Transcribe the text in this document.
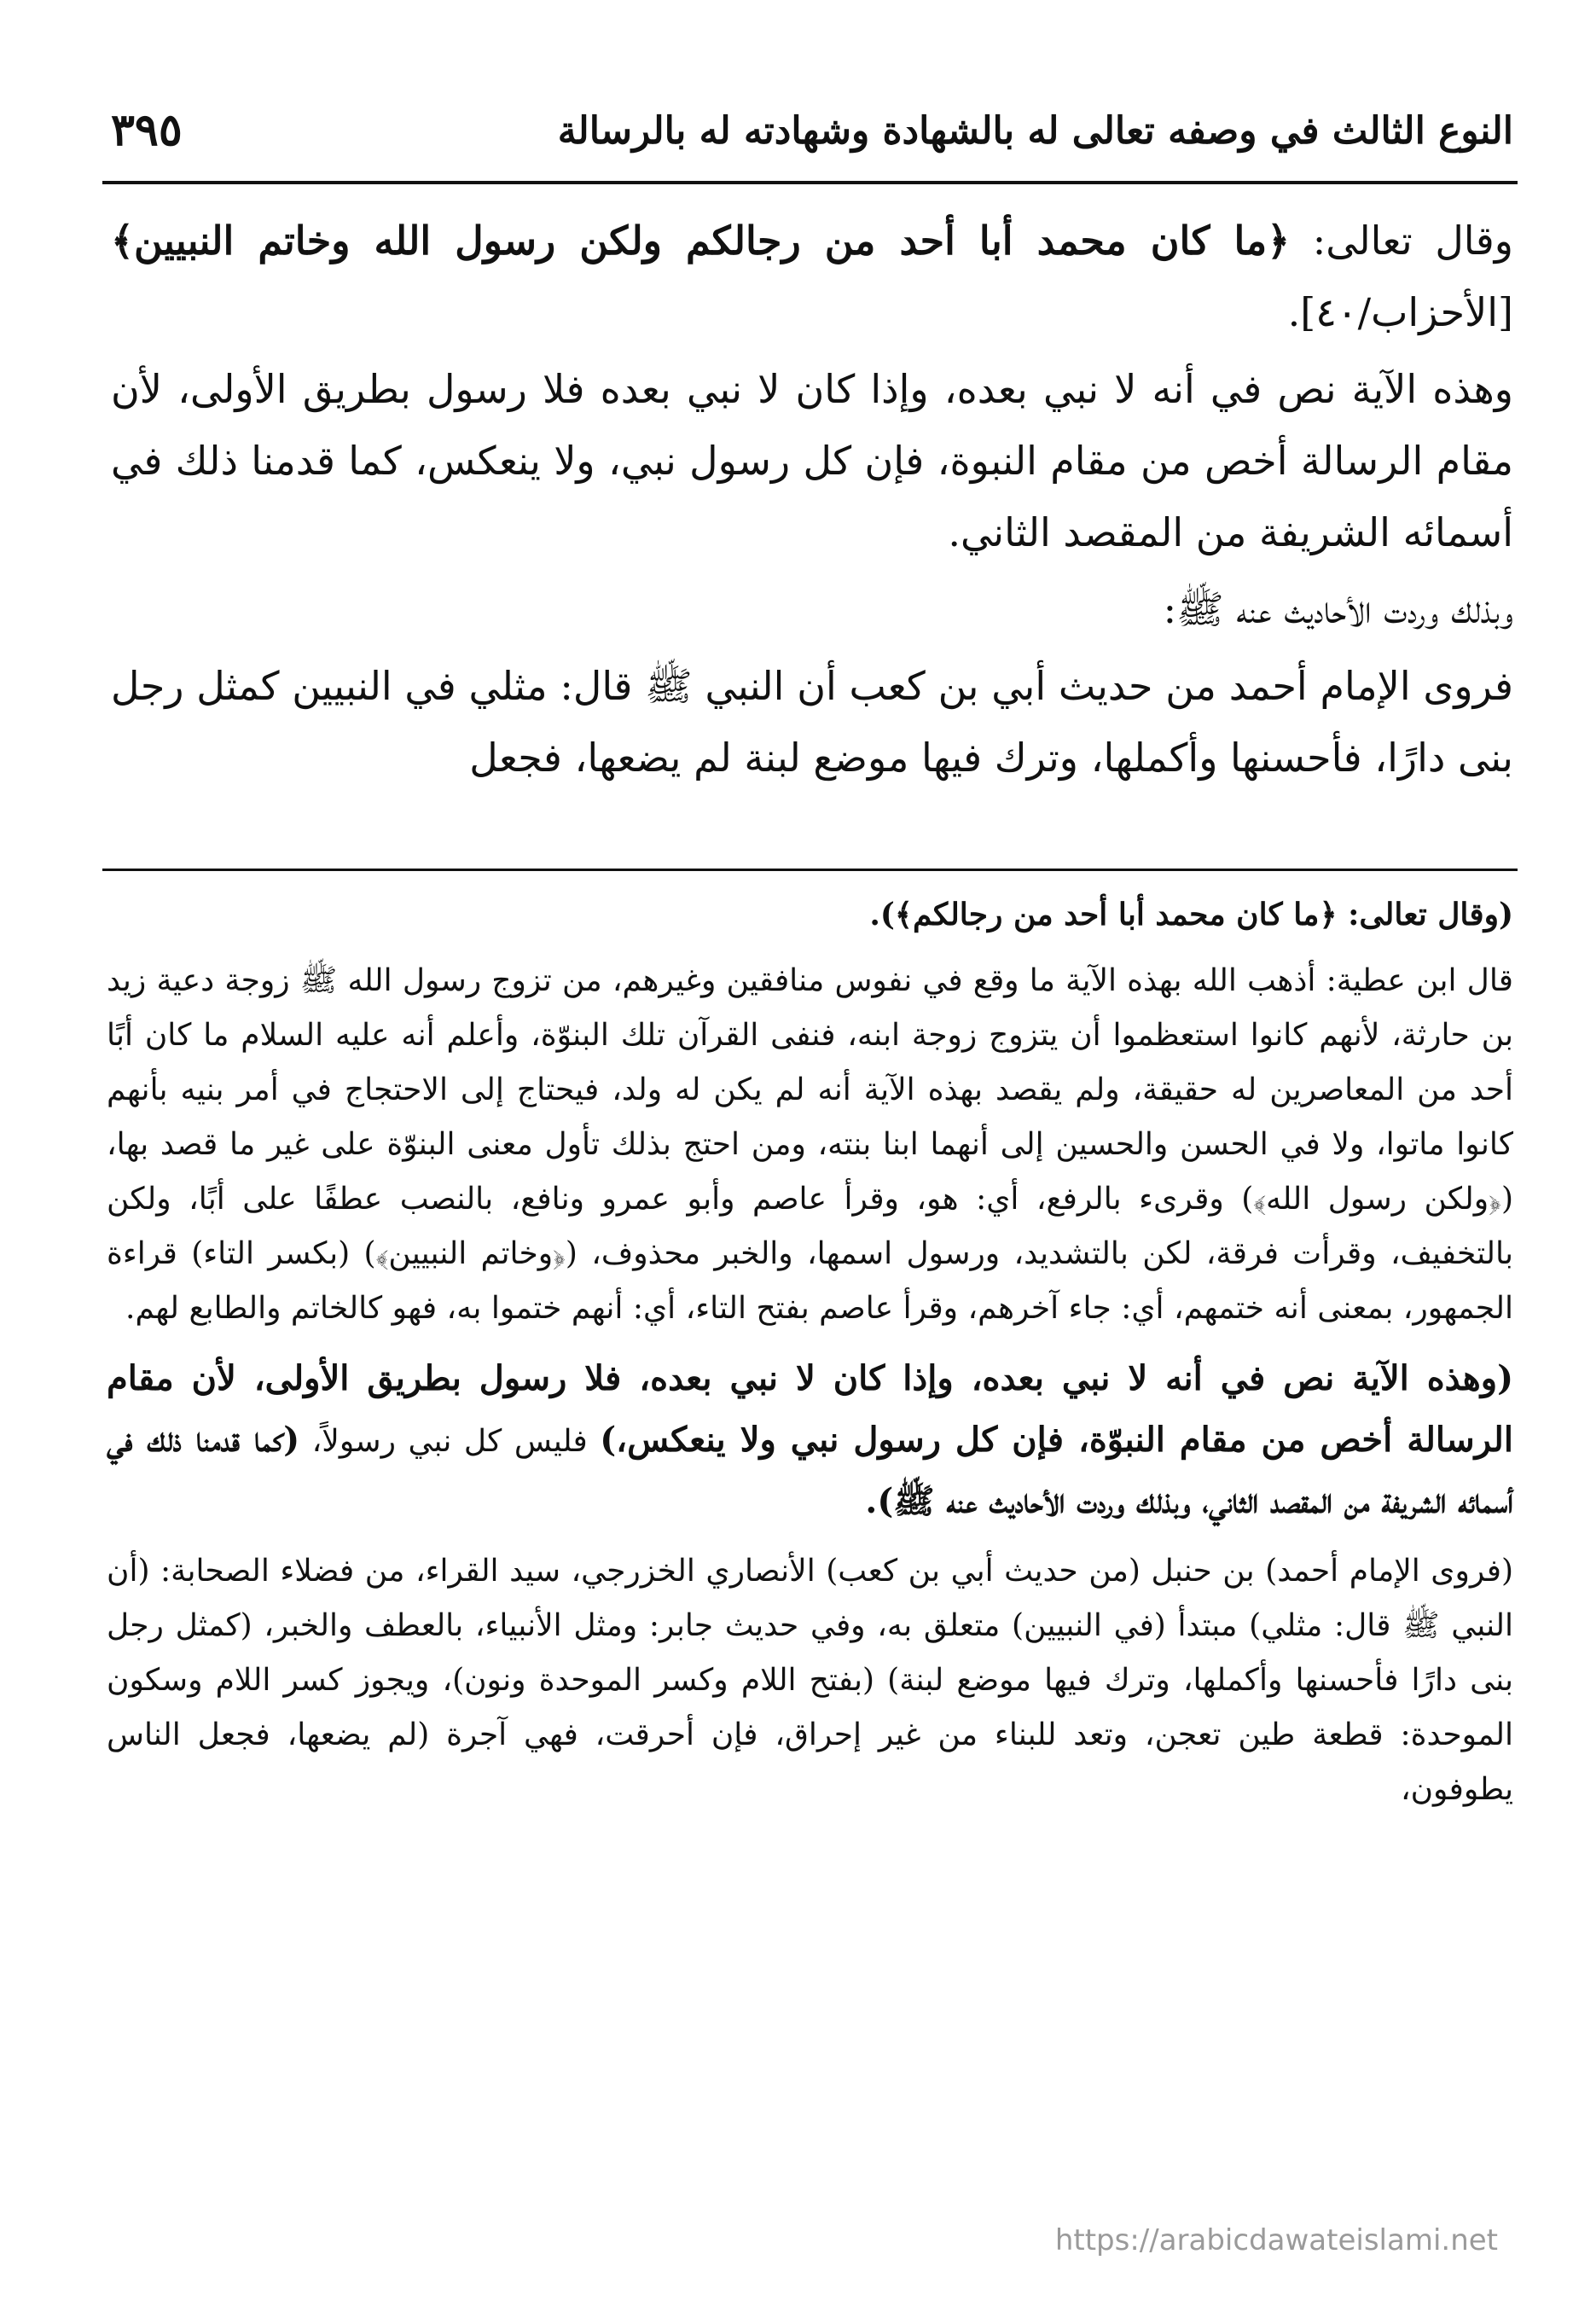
النوع الثالث في وصفه تعالى له بالشهادة وشهادته له بالرسالة
٣٩٥

وقال تعالى: ﴿ما كان محمد أبا أحد من رجالكم ولكن رسول الله وخاتم النبيين﴾ [الأحزاب/٤٠].

وهذه الآية نص في أنه لا نبي بعده، وإذا كان لا نبي بعده فلا رسول بطريق الأولى، لأن مقام الرسالة أخص من مقام النبوة، فإن كل رسول نبي، ولا ينعكس، كما قدمنا ذلك في أسمائه الشريفة من المقصد الثاني.

وبذلك وردت الأحاديث عنه ﷺ:

فروى الإمام أحمد من حديث أبي بن كعب أن النبي ﷺ قال: مثلي في النبيين كمثل رجل بنى دارًا، فأحسنها وأكملها، وترك فيها موضع لبنة لم يضعها، فجعل

(وقال تعالى: ﴿ما كان محمد أبا أحد من رجالكم﴾).

قال ابن عطية: أذهب الله بهذه الآية ما وقع في نفوس منافقين وغيرهم، من تزوج رسول الله ﷺ زوجة دعية زيد بن حارثة، لأنهم كانوا استعظموا أن يتزوج زوجة ابنه، فنفى القرآن تلك البنوّة، وأعلم أنه عليه السلام ما كان أبًا أحد من المعاصرين له حقيقة، ولم يقصد بهذه الآية أنه لم يكن له ولد، فيحتاج إلى الاحتجاج في أمر بنيه بأنهم كانوا ماتوا، ولا في الحسن والحسين إلى أنهما ابنا بنته، ومن احتج بذلك تأول معنى البنوّة على غير ما قصد بها، (﴿ولكن رسول الله﴾) وقرىء بالرفع، أي: هو، وقرأ عاصم وأبو عمرو ونافع، بالنصب عطفًا على أبًا، ولكن بالتخفيف، وقرأت فرقة، لكن بالتشديد، ورسول اسمها، والخبر محذوف، (﴿وخاتم النبيين﴾) (بكسر التاء) قراءة الجمهور، بمعنى أنه ختمهم، أي: جاء آخرهم، وقرأ عاصم بفتح التاء، أي: أنهم ختموا به، فهو كالخاتم والطابع لهم.

(وهذه الآية نص في أنه لا نبي بعده، وإذا كان لا نبي بعده، فلا رسول بطريق الأولى، لأن مقام الرسالة أخص من مقام النبوّة، فإن كل رسول نبي ولا ينعكس،) فليس كل نبي رسولاً، (كما قدمنا ذلك في أسمائه الشريفة من المقصد الثاني، وبذلك وردت الأحاديث عنه ﷺ).

(فروى الإمام أحمد) بن حنبل (من حديث أبي بن كعب) الأنصاري الخزرجي، سيد القراء، من فضلاء الصحابة: (أن النبي ﷺ قال: مثلي) مبتدأ (في النبيين) متعلق به، وفي حديث جابر: ومثل الأنبياء، بالعطف والخبر، (كمثل رجل بنى دارًا فأحسنها وأكملها، وترك فيها موضع لبنة) (بفتح اللام وكسر الموحدة ونون)، ويجوز كسر اللام وسكون الموحدة: قطعة طين تعجن، وتعد للبناء من غير إحراق، فإن أحرقت، فهي آجرة (لم يضعها، فجعل الناس يطوفون،

https://arabicdawateislami.net
